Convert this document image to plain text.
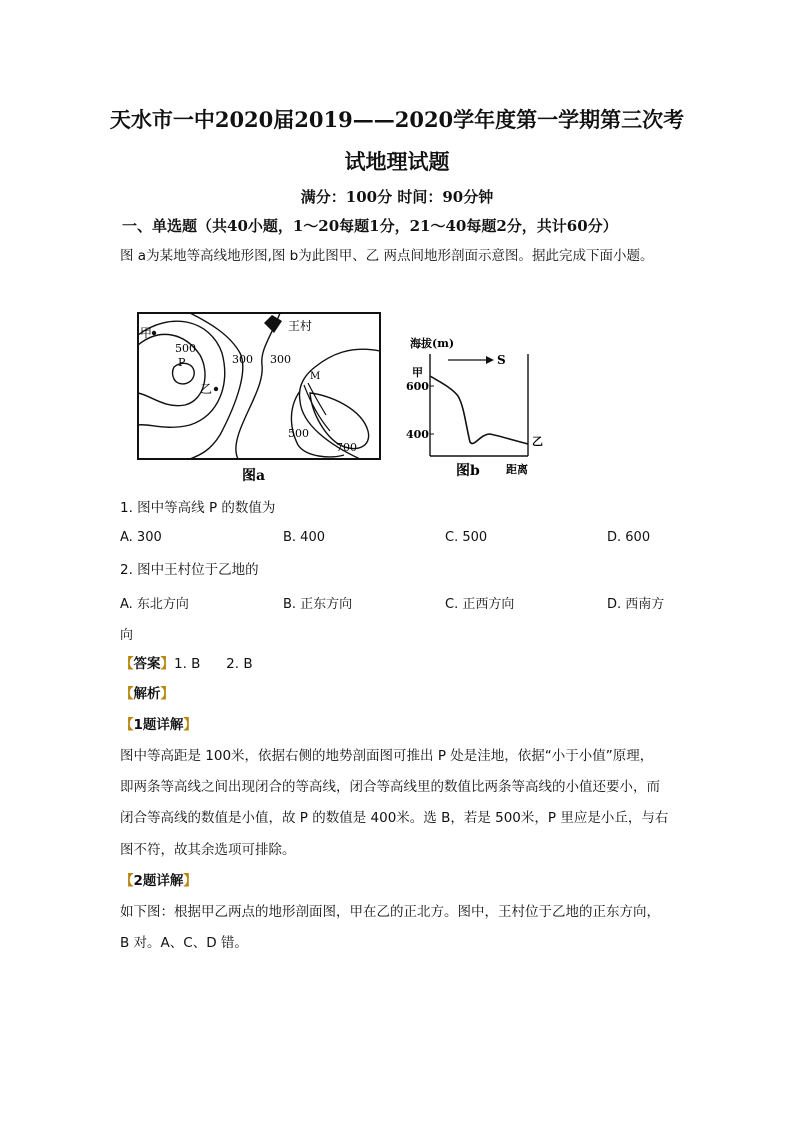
天水市一中2020届2019——2020学年度第一学期第三次考
试地理试题
满分：100分 时间：90分钟
一、单选题（共40小题，1～20每题1分，21～40每题2分，共计60分）
图 a为某地等高线地形图,图 b为此图甲、乙 两点间地形剖面示意图。据此完成下面小题。
王村
甲
乙
P
M
500
300 300
500
700
图a
海拔(m)
S
甲
600
400
乙
图b 距离
1. 图中等高线 P 的数值为
A. 300	B. 400	C. 500	D. 600
2. 图中王村位于乙地的
A. 东北方向	B. 正东方向	C. 正西方向	D. 西南方
向
【答案】1. B      2. B
【解析】
【1题详解】
图中等高距是 100米，依据右侧的地势剖面图可推出 P 处是洼地，依据“小于小值”原理，
即两条等高线之间出现闭合的等高线，闭合等高线里的数值比两条等高线的小值还要小，而
闭合等高线的数值是小值，故 P 的数值是 400米。选 B，若是 500米，P 里应是小丘，与右
图不符，故其余选项可排除。
【2题详解】
如下图：根据甲乙两点的地形剖面图，甲在乙的正北方。图中，王村位于乙地的正东方向，
B 对。A、C、D 错。
